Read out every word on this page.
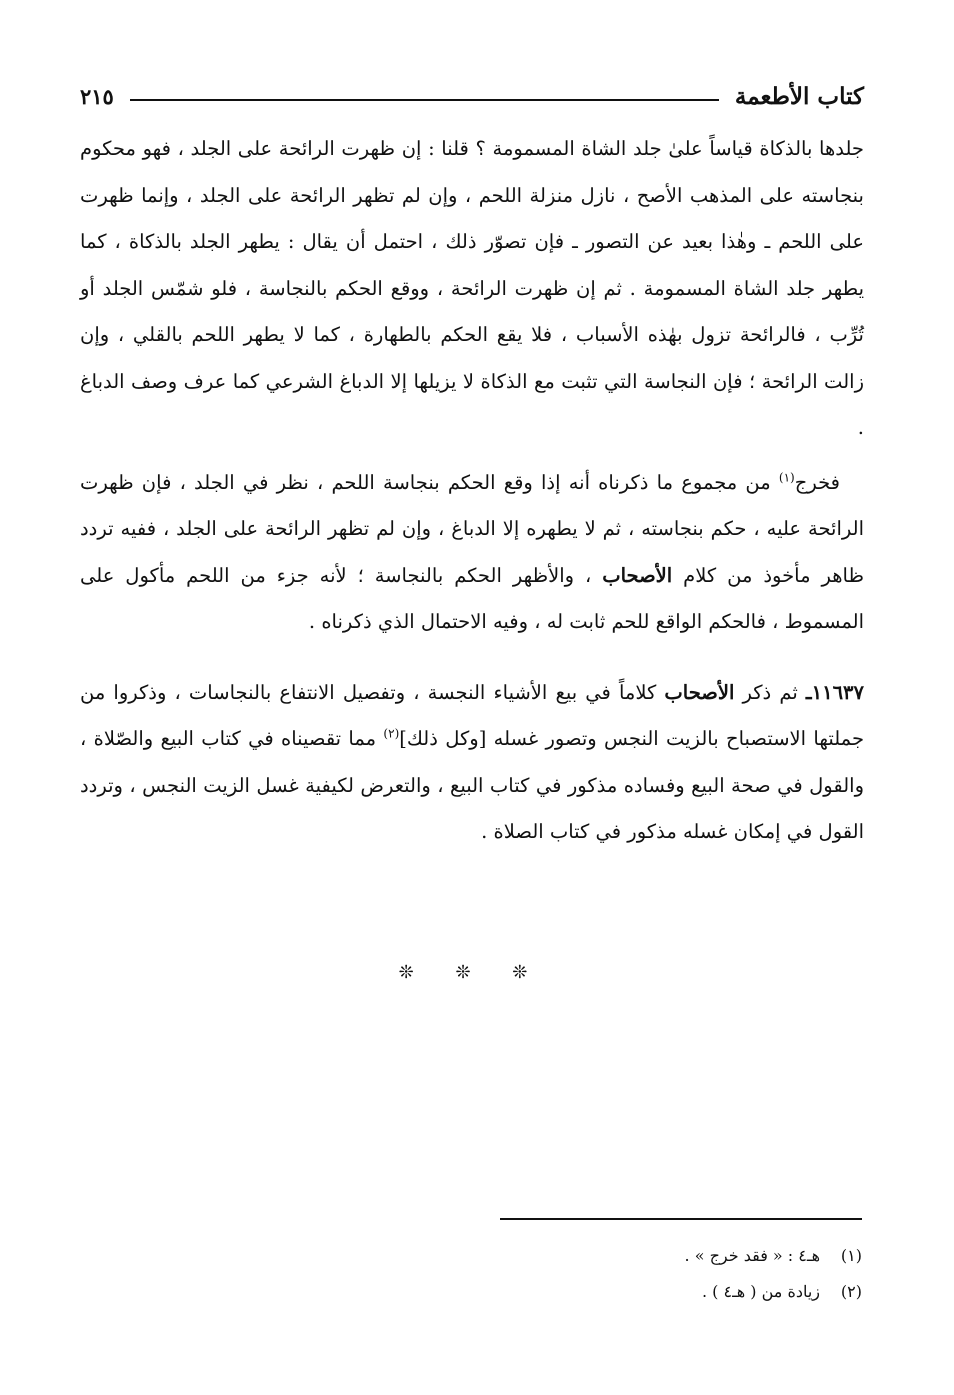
كتاب الأطعمة
٢١٥

جلدها بالذكاة قياساً علىٰ جلد الشاة المسمومة ؟ قلنا : إن ظهرت الرائحة على الجلد ، فهو محكوم بنجاسته على المذهب الأصح ، نازل منزلة اللحم ، وإن لم تظهر الرائحة على الجلد ، وإنما ظهرت على اللحم ـ وهٰذا بعيد عن التصور ـ فإن تصوّر ذلك ، احتمل أن يقال : يطهر الجلد بالذكاة ، كما يطهر جلد الشاة المسمومة . ثم إن ظهرت الرائحة ، ووقع الحكم بالنجاسة ، فلو شمّس الجلد أو تُرِّب ، فالرائحة تزول بهٰذه الأسباب ، فلا يقع الحكم بالطهارة ، كما لا يطهر اللحم بالقلي ، وإن زالت الرائحة ؛ فإن النجاسة التي تثبت مع الذكاة لا يزيلها إلا الدباغ الشرعي كما عرف وصف الدباغ .

فخرج$^{(١)}$ من مجموع ما ذكرناه أنه إذا وقع الحكم بنجاسة اللحم ، نظر في الجلد ، فإن ظهرت الرائحة عليه ، حكم بنجاسته ، ثم لا يطهره إلا الدباغ ، وإن لم تظهر الرائحة على الجلد ، ففيه تردد ظاهر مأخوذ من كلام الأصحاب ، والأظهر الحكم بالنجاسة ؛ لأنه جزء من اللحم مأكول على المسموط ، فالحكم الواقع للحم ثابت له ، وفيه الاحتمال الذي ذكرناه .

١١٦٣٧ـ ثم ذكر الأصحاب كلاماً في بيع الأشياء النجسة ، وتفصيل الانتفاع بالنجاسات ، وذكروا من جملتها الاستصباح بالزيت النجس وتصور غسله [وكل ذلك]$^{(٢)}$ مما تقصيناه في كتاب البيع والصّلاة ، والقول في صحة البيع وفساده مذكور في كتاب البيع ، والتعرض لكيفية غسل الزيت النجس ، وتردد القول في إمكان غسله مذكور في كتاب الصلاة .

❊ ❊ ❊
(١)
هـ٤ : « فقد خرج » .
(٢)
زيادة من ( هـ٤ ) .
